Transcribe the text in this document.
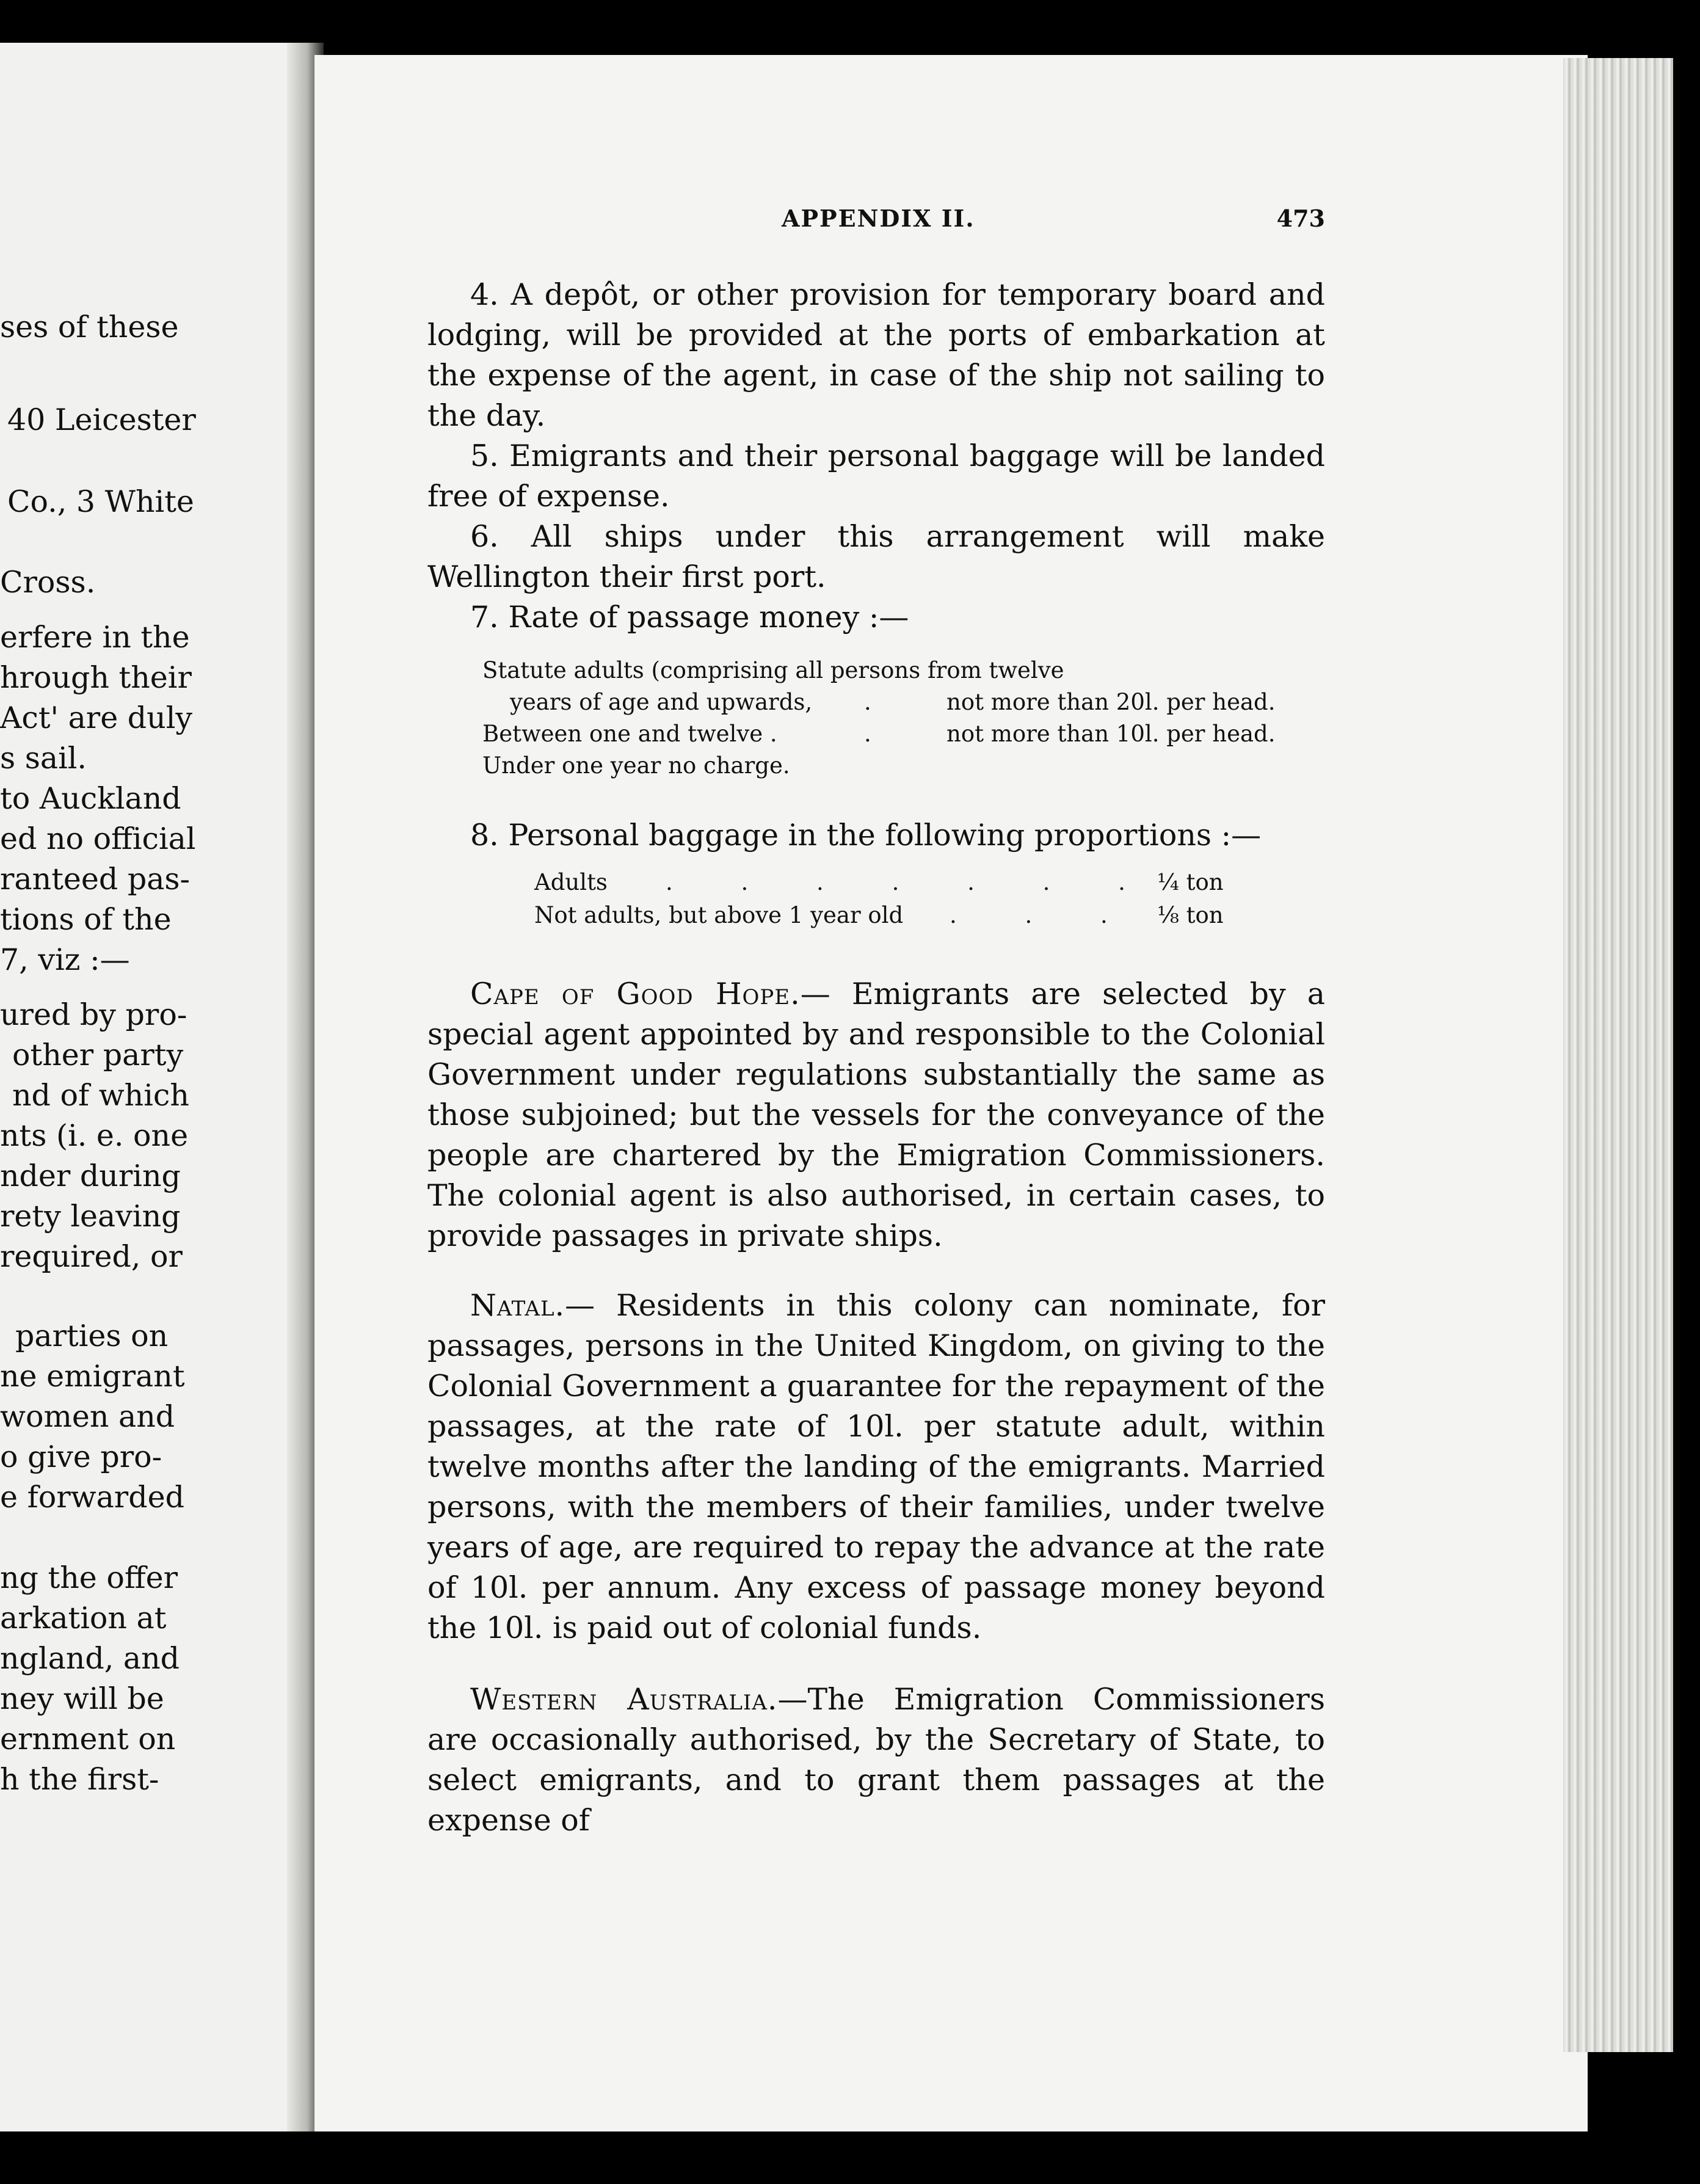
ses of these
40 Leicester
Co., 3 White
Cross.
erfere in the
hrough their
Act' are duly
s sail.
to Auckland
ed no official
ranteed pas-
tions of the
7, viz :—
ured by pro-
other party
nd of which
nts (i. e. one
nder during
rety leaving
required, or
parties on
ne emigrant
women and
o give pro-
e forwarded
ng the offer
arkation at
ngland, and
ney will be
ernment on
h the first-
APPENDIX II.	473

4. A depôt, or other provision for temporary board and lodging, will be provided at the ports of embarkation at the expense of the agent, in case of the ship not sailing to the day.

5. Emigrants and their personal baggage will be landed free of expense.

6. All ships under this arrangement will make Wellington their first port.

7. Rate of passage money :—

Statute adults (comprising all persons from twelve
years of age and upwards, .	not more than 20l. per head.
Between one and twelve .	.	not more than 10l. per head.
Under one year no charge.

8. Personal baggage in the following proportions :—

Adults	. . . . . . . ¼ ton
Not adults, but above 1 year old . . . ⅛ ton

Cape of Good Hope.— Emigrants are selected by a special agent appointed by and responsible to the Colonial Government under regulations substantially the same as those subjoined; but the vessels for the conveyance of the people are chartered by the Emigration Commissioners. The colonial agent is also authorised, in certain cases, to provide passages in private ships.

Natal.— Residents in this colony can nominate, for passages, persons in the United Kingdom, on giving to the Colonial Government a guarantee for the repayment of the passages, at the rate of 10l. per statute adult, within twelve months after the landing of the emigrants. Married persons, with the members of their families, under twelve years of age, are required to repay the advance at the rate of 10l. per annum. Any excess of passage money beyond the 10l. is paid out of colonial funds.

Western Australia.—The Emigration Commissioners are occasionally authorised, by the Secretary of State, to select emigrants, and to grant them passages at the expense of
